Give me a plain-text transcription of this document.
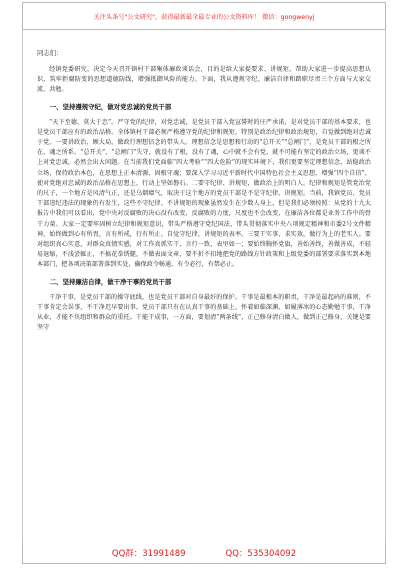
关注头条号"公文研究"，获得最新最全最专业的公文资料库！ 微信：gongwenyj
同志们：

经镇党委研究，决定今天召开镇村干部集体廉政谈话会，目的是给大家提要求、讲规矩，帮助大家进一步提高思想认识，筑牢拒腐防变的思想道德防线，增强抵御风险的能力。下面，我从遵规守纪、廉洁自律和踏职尽责三个方面与大家交流、共勉。

一、坚持遵规守纪，做对党忠诚的党员干部

“天下至德，莫大于忠”。严守党的纪律，对党忠诚，是党员干部入党宣誓时的庄严承诺，是对党员干部的基本要求，也是党员干部应有的政治品格。全体镇村干部必须严格遵守党的纪律和规矩，特别是政治纪律和政治规矩，自觉做到绝对忠诚于党。一要讲政治、顾大局，做政行理想信念的带头人。理想信念是思想和行动的“总开关”“总闸门”，是党员干部的根之所在、魂之所系。“总开关”、“总闸门”失守，就没有了根，没有了魂，心中就不会有党，就不可能有坚定的政治立场，更谈不上对党忠诚，必然会出大问题。在当前我们党面临“四大考验”“四大危险”的现实环境下，我们更要坚定理想信念，站稳政治立场，保持政治本色，在思想上正本清源、固根守魂；要深入学习习近平新时代中国特色社会主义思想，增强“四个自信”，使对党绝对忠诚的政治品格在思想上，行动上坚如磐石。二要守纪律、讲规矩，做政治上的明白人。纪律和规矩是管党治党的尺子，一个地方是风清气正，还是乌烟瘴气，取决于这个地方的党员干部是不是守纪律、讲规矩。当前，我镇党员、党员干部违纪违法的现象仍有发生，这些不守纪律、不讲规矩的现象虽然发生在少数人身上，但是我们必须按照：从党的十九大报告中我们可以看出，党中央对反腐败的决心没有改变，反腐败的力度，尺度也不会改变，在廉洁各位都是业务工作中的骨干力量。大家一定要牢固树立纪律和规矩意识，带头严格遵守党纪国法，带头贯彻落实中央八项规定精神和市委2号文件精神，始终做到心有所畏，言有所戒，行有所止。自觉守纪律，讲规矩的表率。三要干实事、求实效，做行为上的老实人。要对组织真心实意，对群众真情实感，对工作真抓实干，言行一致，表里如一；要始终胸怀党旗，善始善终，善做善成，不轻易退缩，不浅尝辄止，不搞花拳绣腿，不做表面文章，要不折不扣地把党的路线方针政策和上级党委的部署要求落实到本地本部门，把各项决策部署落到实处，确保政令畅通，有令必行，有禁必止。

二、坚持廉洁自律，做干净干事的党员干部

干净干事，是党员干部的操守底线，也是党员干部对自身最好的保护。干事是最根本的职责，干净是最起码的准则，不干事肯定会误事，不干净迟早要出事。党员干部只有在认真干事的基础上，怀着如临深渊、如履薄冰的心态勤勉干事，干净从业，才能不负组织和群众的重托。干能干成事，一方面，要划清“两条线”，正己修身清白做人，做到正己修身，关键是要坚守

QQ群：31991489	QQ：535304092
